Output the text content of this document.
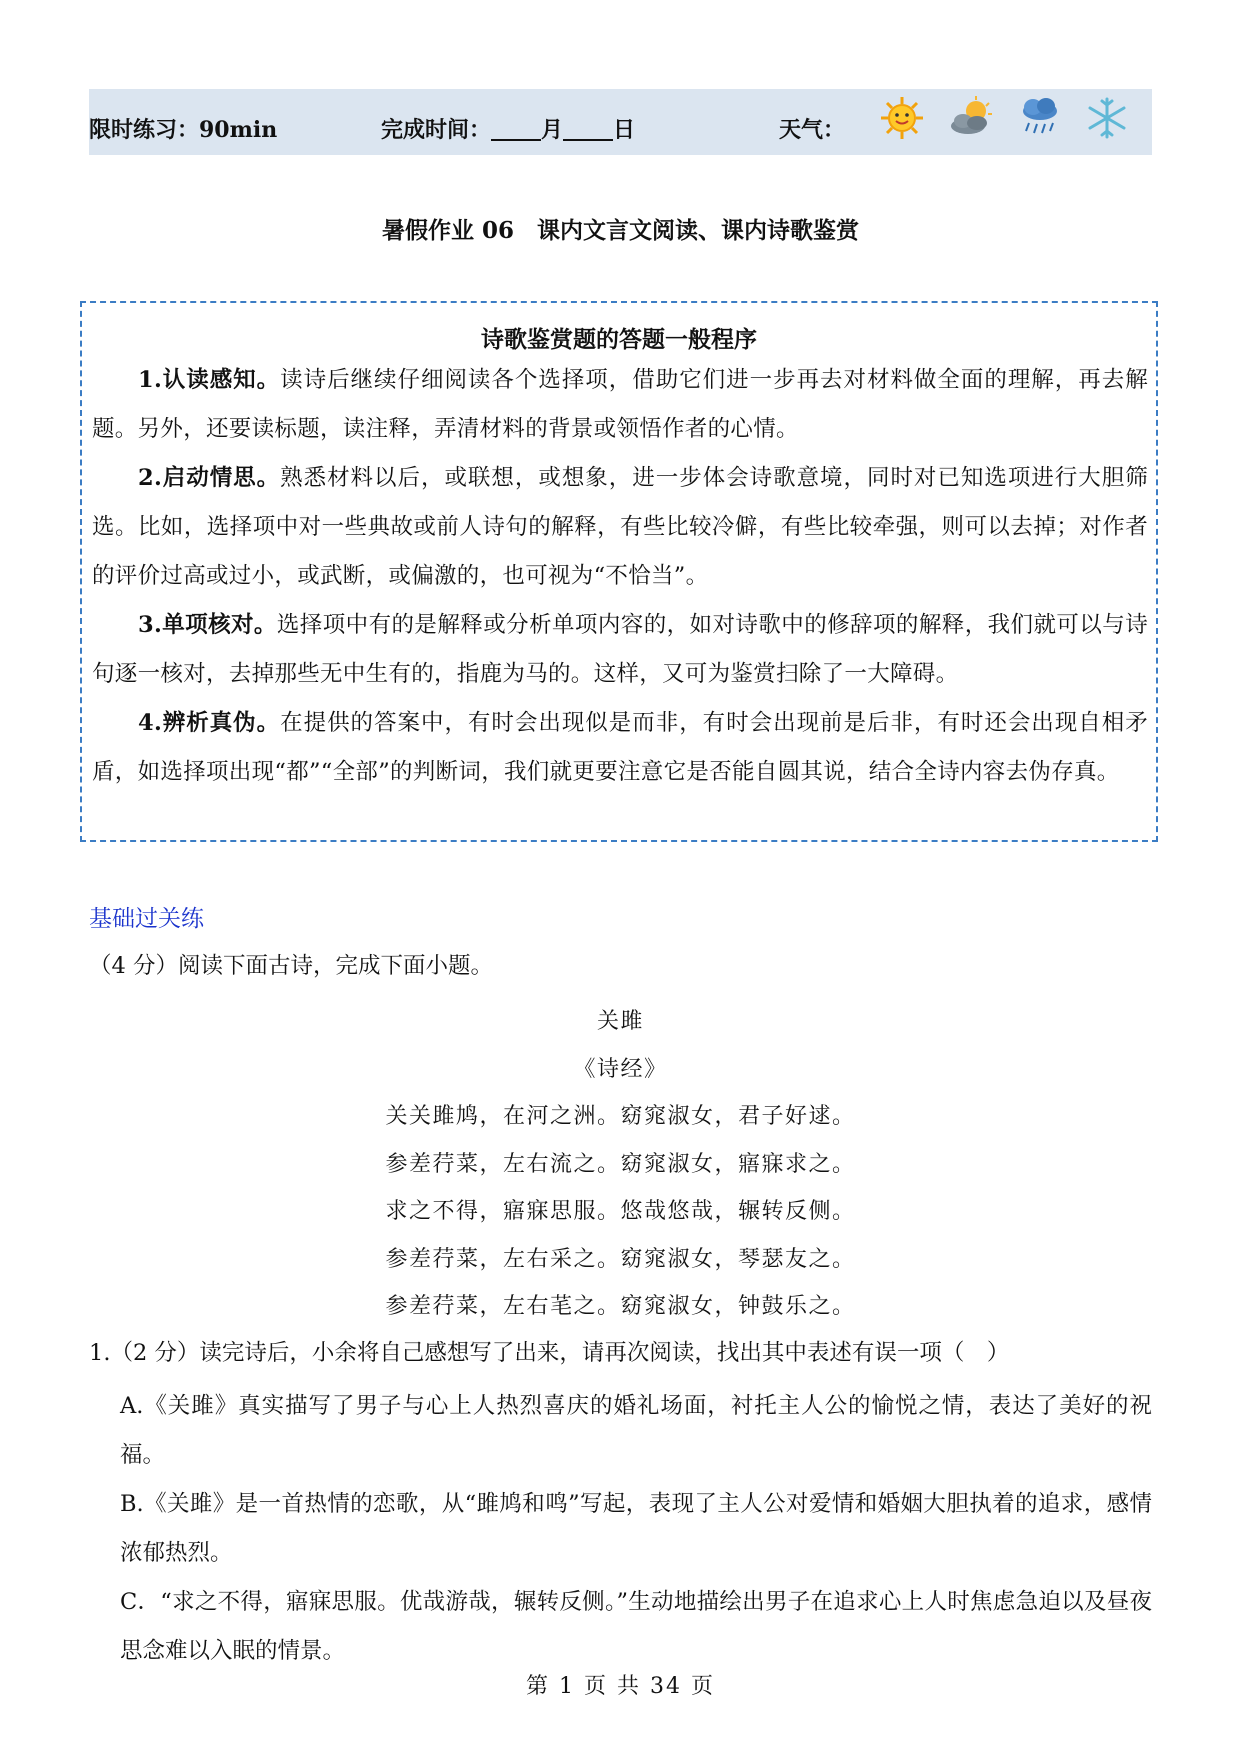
限时练习：90min	完成时间： 月 日	天气：

暑假作业 06　课内文言文阅读、课内诗歌鉴赏
诗歌鉴赏题的答题一般程序

1.认读感知。读诗后继续仔细阅读各个选择项，借助它们进一步再去对材料做全面的理解，再去解题。另外，还要读标题，读注释，弄清材料的背景或领悟作者的心情。

2.启动情思。熟悉材料以后，或联想，或想象，进一步体会诗歌意境，同时对已知选项进行大胆筛选。比如，选择项中对一些典故或前人诗句的解释，有些比较冷僻，有些比较牵强，则可以去掉；对作者的评价过高或过小，或武断，或偏激的，也可视为“不恰当”。

3.单项核对。选择项中有的是解释或分析单项内容的，如对诗歌中的修辞项的解释，我们就可以与诗句逐一核对，去掉那些无中生有的，指鹿为马的。这样，又可为鉴赏扫除了一大障碍。

4.辨析真伪。在提供的答案中，有时会出现似是而非，有时会出现前是后非，有时还会出现自相矛盾，如选择项出现“都”“全部”的判断词，我们就更要注意它是否能自圆其说，结合全诗内容去伪存真。

基础过关练
（4 分）阅读下面古诗，完成下面小题。
关雎
《诗经》
关关雎鸠，在河之洲。窈窕淑女，君子好逑。
参差荇菜，左右流之。窈窕淑女，寤寐求之。
求之不得，寤寐思服。悠哉悠哉，辗转反侧。
参差荇菜，左右采之。窈窕淑女，琴瑟友之。
参差荇菜，左右芼之。窈窕淑女，钟鼓乐之。
1.（2 分）读完诗后，小余将自己感想写了出来，请再次阅读，找出其中表述有误一项（　）

A.《关雎》真实描写了男子与心上人热烈喜庆的婚礼场面，衬托主人公的愉悦之情，表达了美好的祝福。

B.《关雎》是一首热情的恋歌，从“雎鸠和鸣”写起，表现了主人公对爱情和婚姻大胆执着的追求，感情浓郁热烈。

C．“求之不得，寤寐思服。优哉游哉，辗转反侧。”生动地描绘出男子在追求心上人时焦虑急迫以及昼夜思念难以入眠的情景。

第 1 页 共 34 页
